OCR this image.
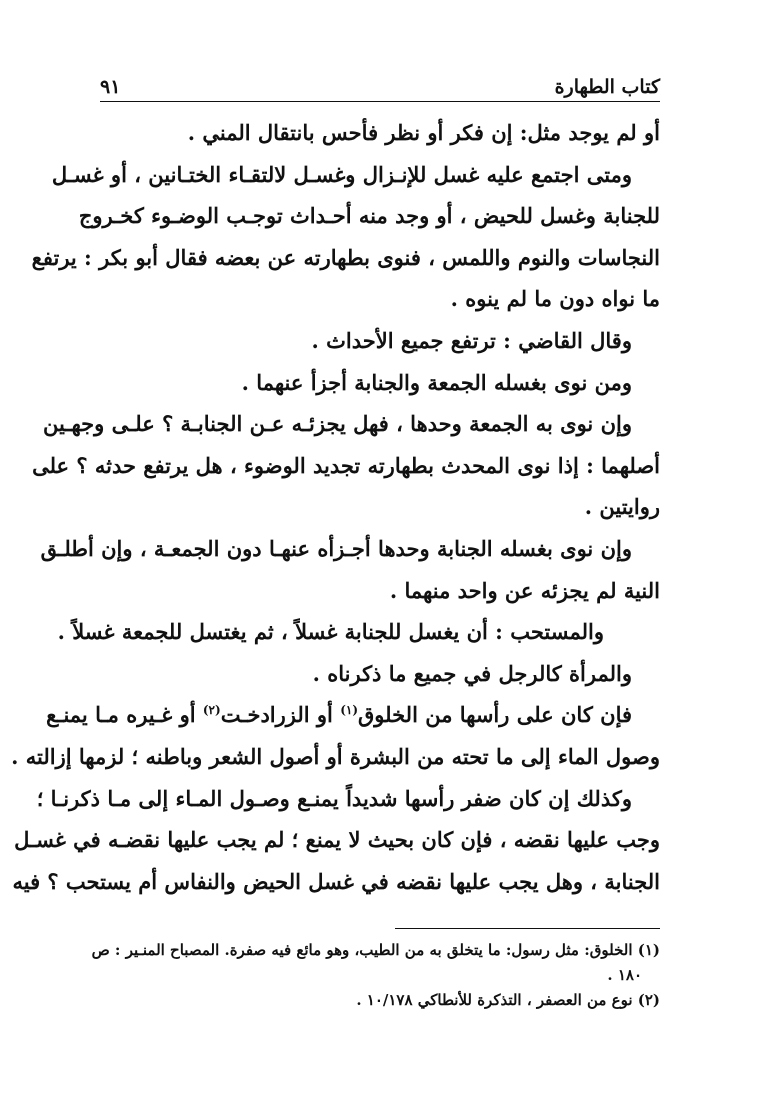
كتاب الطهارة
٩١
أو لم يوجد مثل: إن فكر أو نظر فأحس بانتقال المني .
ومتى اجتمع عليه غسل للإنـزال وغسـل لالتقـاء الختـانين ، أو غسـل
للجنابة وغسل للحيض ، أو وجد منه أحـداث توجـب الوضـوء كخـروج
النجاسات والنوم واللمس ، فنوى بطهارته عن بعضه فقال أبو بكر : يرتفع
ما نواه دون ما لم ينوه .
وقال القاضي : ترتفع جميع الأحداث .
ومن نوى بغسله الجمعة والجنابة أجزأ عنهما .
وإن نوى به الجمعة وحدها ، فهل يجزئـه عـن الجنابـة ؟ علـى وجهـين
أصلهما : إذا نوى المحدث بطهارته تجديد الوضوء ، هل يرتفع حدثه ؟ على
روايتين .
وإن نوى بغسله الجنابة وحدها أجـزأه عنهـا دون الجمعـة ، وإن أطلـق
النية لم يجزئه عن واحد منهما .
والمستحب : أن يغسل للجنابة غسلاً ، ثم يغتسل للجمعة غسلاً .
والمرأة كالرجل في جميع ما ذكرناه .
فإن كان على رأسها من الخلوق$^{(١)}$ أو الزرادخـت$^{(٢)}$ أو غـيره مـا يمنـع
وصول الماء إلى ما تحته من البشرة أو أصول الشعر وباطنه ؛ لزمها إزالته .
وكذلك إن كان ضفر رأسها شديداً يمنـع وصـول المـاء إلى مـا ذكرنـا ؛
وجب عليها نقضه ، فإن كان بحيث لا يمنع ؛ لم يجب عليها نقضـه في غسـل
الجنابة ، وهل يجب عليها نقضه في غسل الحيض والنفاس أم يستحب ؟ فيه
(١) الخلوق: مثل رسول: ما يتخلق به من الطيب، وهو مائع فيه صفرة. المصباح المنـير : ص
١٨٠ .
(٢) نوع من العصفر ، التذكرة للأنطاكي ١٠/١٧٨ .
